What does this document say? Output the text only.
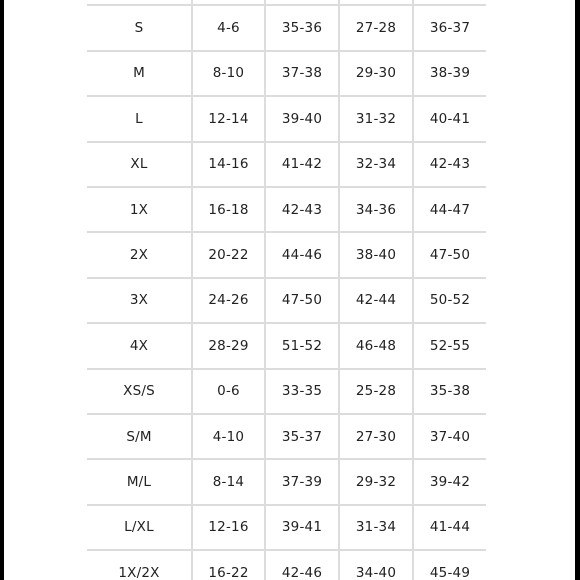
S	4-6	35-36	27-28	36-37
M	8-10	37-38	29-30	38-39
L	12-14	39-40	31-32	40-41
XL	14-16	41-42	32-34	42-43
1X	16-18	42-43	34-36	44-47
2X	20-22	44-46	38-40	47-50
3X	24-26	47-50	42-44	50-52
4X	28-29	51-52	46-48	52-55
XS/S	0-6	33-35	25-28	35-38
S/M	4-10	35-37	27-30	37-40
M/L	8-14	37-39	29-32	39-42
L/XL	12-16	39-41	31-34	41-44
1X/2X	16-22	42-46	34-40	45-49
